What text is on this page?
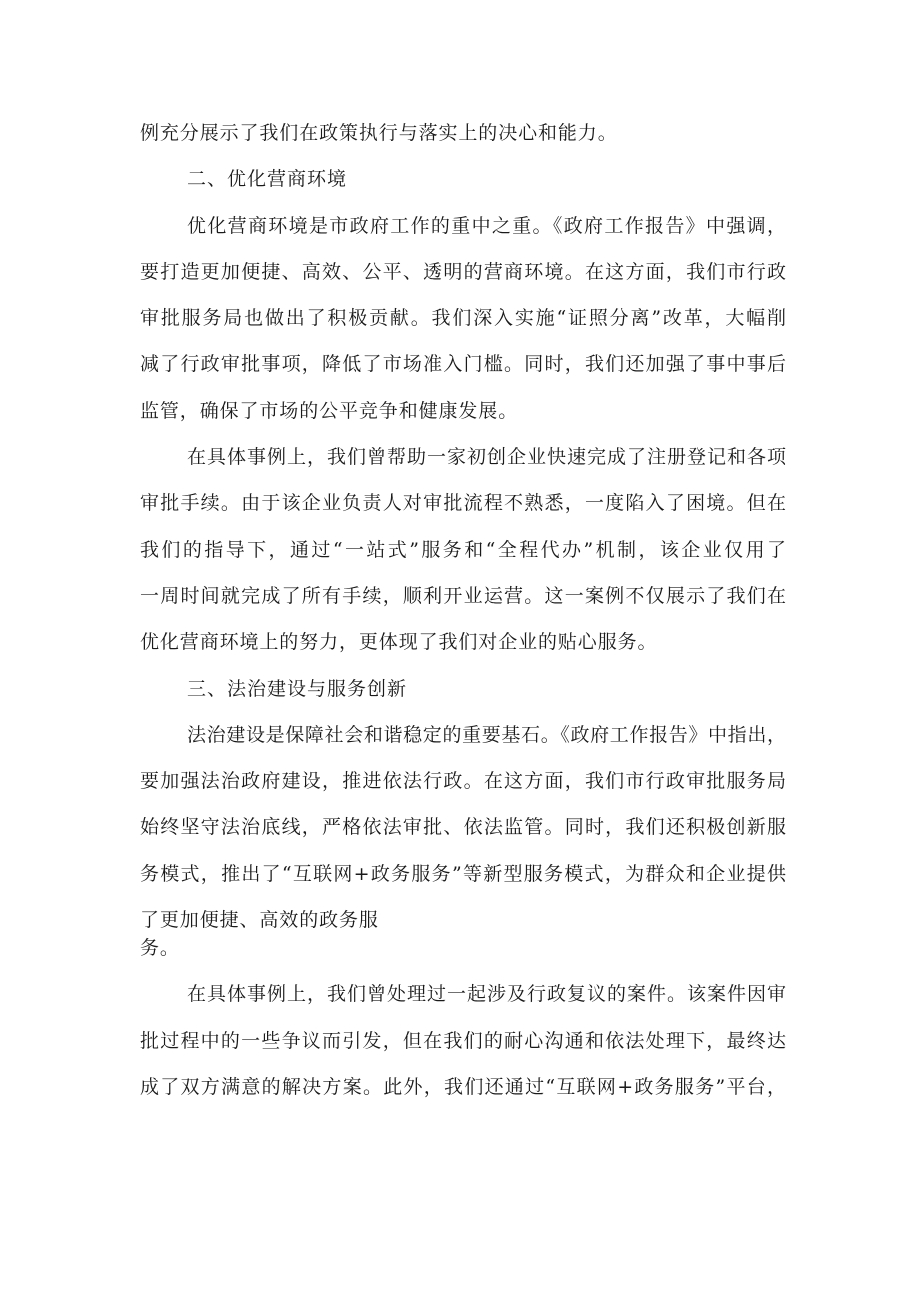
例充分展示了我们在政策执行与落实上的决心和能力。
二、优化营商环境
优化营商环境是市政府工作的重中之重。《政府工作报告》中强调，
要打造更加便捷、高效、公平、透明的营商环境。在这方面，我们市行政
审批服务局也做出了积极贡献。我们深入实施“证照分离”改革，大幅削
减了行政审批事项，降低了市场准入门槛。同时，我们还加强了事中事后
监管，确保了市场的公平竞争和健康发展。
在具体事例上，我们曾帮助一家初创企业快速完成了注册登记和各项
审批手续。由于该企业负责人对审批流程不熟悉，一度陷入了困境。但在
我们的指导下，通过“一站式”服务和“全程代办”机制，该企业仅用了
一周时间就完成了所有手续，顺利开业运营。这一案例不仅展示了我们在
优化营商环境上的努力，更体现了我们对企业的贴心服务。
三、法治建设与服务创新
法治建设是保障社会和谐稳定的重要基石。《政府工作报告》中指出，
要加强法治政府建设，推进依法行政。在这方面，我们市行政审批服务局
始终坚守法治底线，严格依法审批、依法监管。同时，我们还积极创新服
务模式，推出了“互联网+政务服务”等新型服务模式，为群众和企业提供
了更加便捷、高效的政务服
务。
在具体事例上，我们曾处理过一起涉及行政复议的案件。该案件因审
批过程中的一些争议而引发，但在我们的耐心沟通和依法处理下，最终达
成了双方满意的解决方案。此外，我们还通过“互联网+政务服务”平台，
